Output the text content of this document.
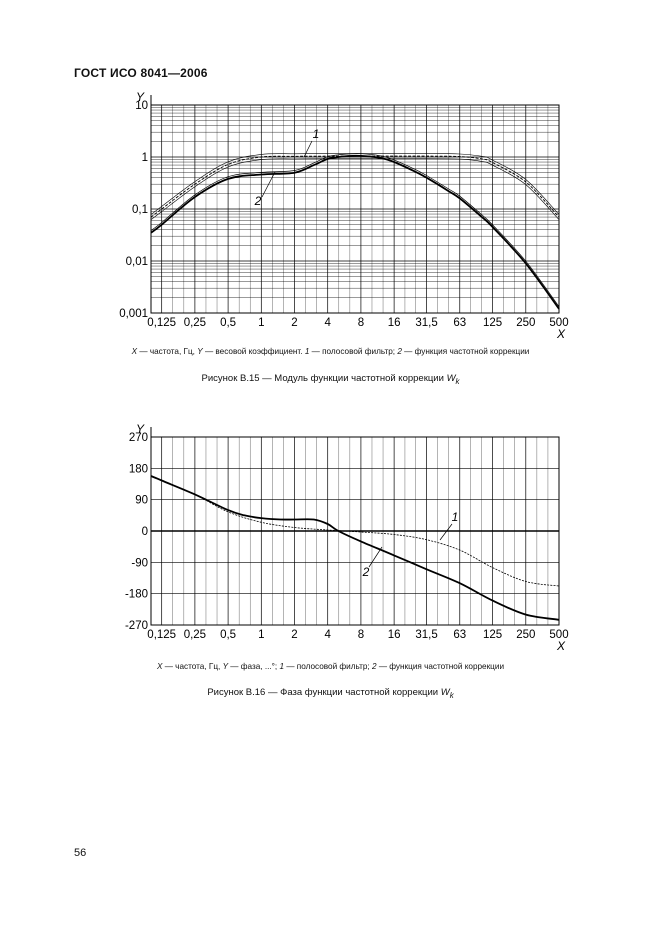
ГОСТ ИСО 8041—2006
0,125 0,25 0,5 1 2 4 8 16 31,5 63 125 250 500
10
1
0,1
0,01
0,001
X
Y
1
2
X — частота, Гц, Y — весовой коэффициент. 1 — полосовой фильтр; 2 — функция частотной коррекции
Рисунок В.15 — Модуль функции частотной коррекции $W_k$
0,125 0,25 0,5 1 2 4 8 16 31,5 63 125 250 500
270
180
90
0
-90
-180
-270
X
Y
1
2
X — частота, Гц, Y — фаза, ...°; 1 — полосовой фильтр; 2 — функция частотной коррекции
Рисунок В.16 — Фаза функции частотной коррекции $W_k$
56
